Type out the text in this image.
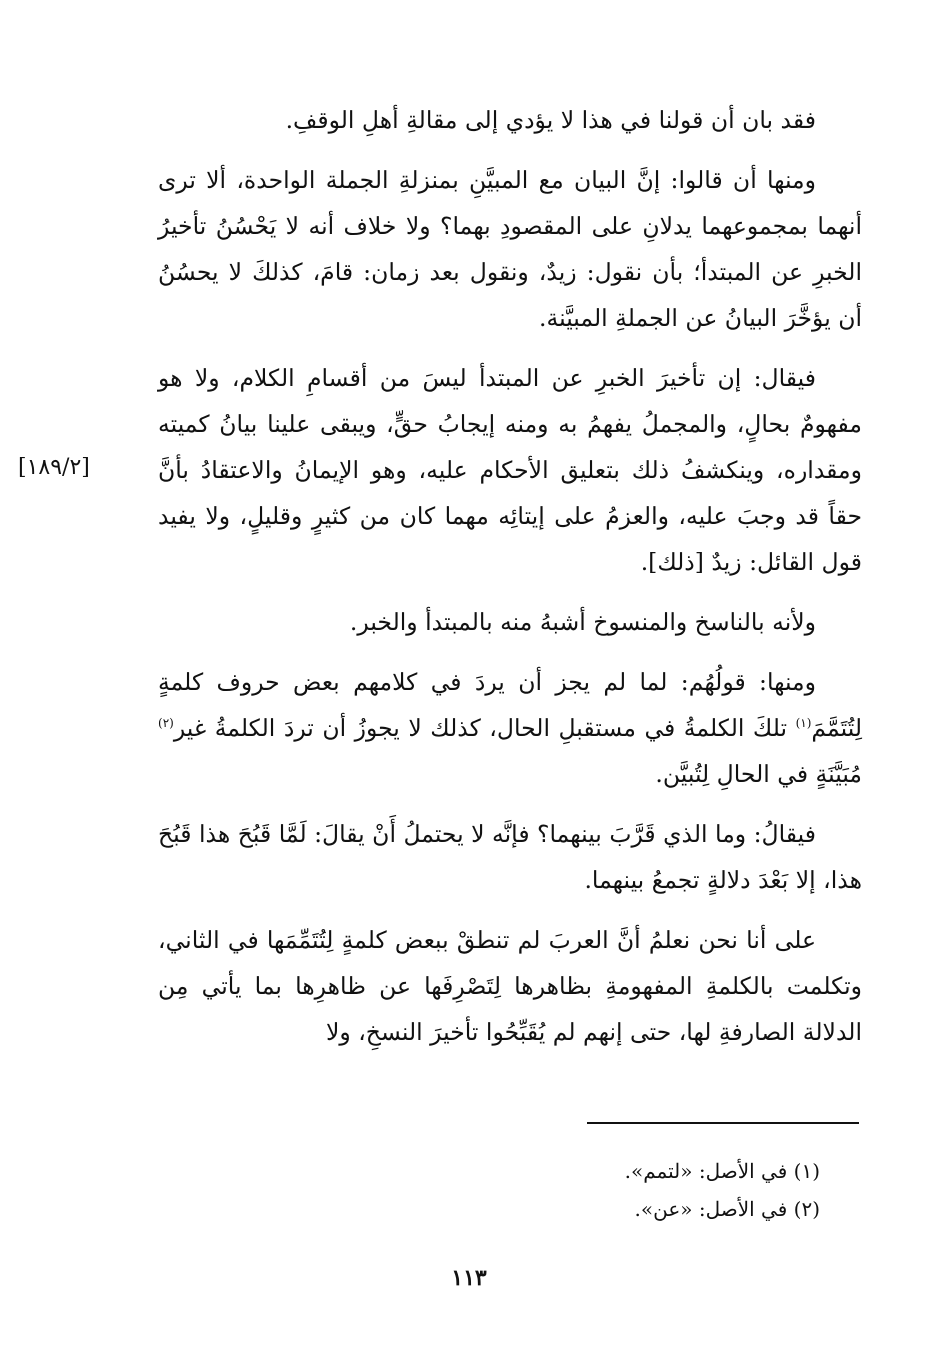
فقد بان أن قولنا في هذا لا يؤدي إلى مقالةِ أهلِ الوقفِ.

ومنها أن قالوا: إنَّ البيان مع المبيَّنِ بمنزلةِ الجملة الواحدة، ألا ترى أنهما بمجموعهما يدلانِ على المقصودِ بهما؟ ولا خلاف أنه لا يَحْسُنُ تأخيرُ الخبرِ عن المبتدأ؛ بأن نقول: زيدٌ، ونقول بعد زمان: قامَ، كذلكَ لا يحسُنُ أن يؤخَّرَ البيانُ عن الجملةِ المبيَّنة.

فيقال: إن تأخيرَ الخبرِ عن المبتدأ ليسَ من أقسامِ الكلام، ولا هو مفهومٌ بحالٍ، والمجملُ يفهمُ به ومنه إيجابُ حقٍّ، ويبقى علينا بيانُ كميته ومقداره، وينكشفُ ذلك بتعليق الأحكام عليه، وهو الإيمانُ والاعتقادُ بأنَّ حقاً قد وجبَ عليه، والعزمُ على إيتائِه مهما كان من كثيرٍ وقليلٍ، ولا يفيد قول القائل: زيدٌ [ذلك].

ولأنه بالناسخ والمنسوخ أشبهُ منه بالمبتدأ والخبر.

ومنها: قولُهُم: لما لم يجز أن يردَ في كلامهم بعض حروف كلمةٍ لِتُتَمَّمَ$^{(١)}$ تلكَ الكلمةُ في مستقبلِ الحال، كذلك لا يجوزُ أن تردَ الكلمةُ غير$^{(٢)}$ مُبَيَّنَةٍ في الحالِ لِتُبيَّن.

فيقالُ: وما الذي قَرَّبَ بينهما؟ فإنَّه لا يحتملُ أَنْ يقالَ: لَمَّا قَبُحَ هذا قَبُحَ هذا، إلا بَعْدَ دلالةٍ تجمعُ بينهما.

على أنا نحن نعلمُ أنَّ العربَ لم تنطقْ ببعض كلمةٍ لِتُتَمِّمَها في الثاني، وتكلمت بالكلمةِ المفهومةِ بظاهرها لِتَصْرِفَها عن ظاهرِها بما يأتي مِن الدلالة الصارفةِ لها، حتى إنهم لم يُقَبِّحُوا تأخيرَ النسخِ، ولا

[١٨٩/٢]
(١) في الأصل: «لتمم».
(٢) في الأصل: «عن».
١١٣
